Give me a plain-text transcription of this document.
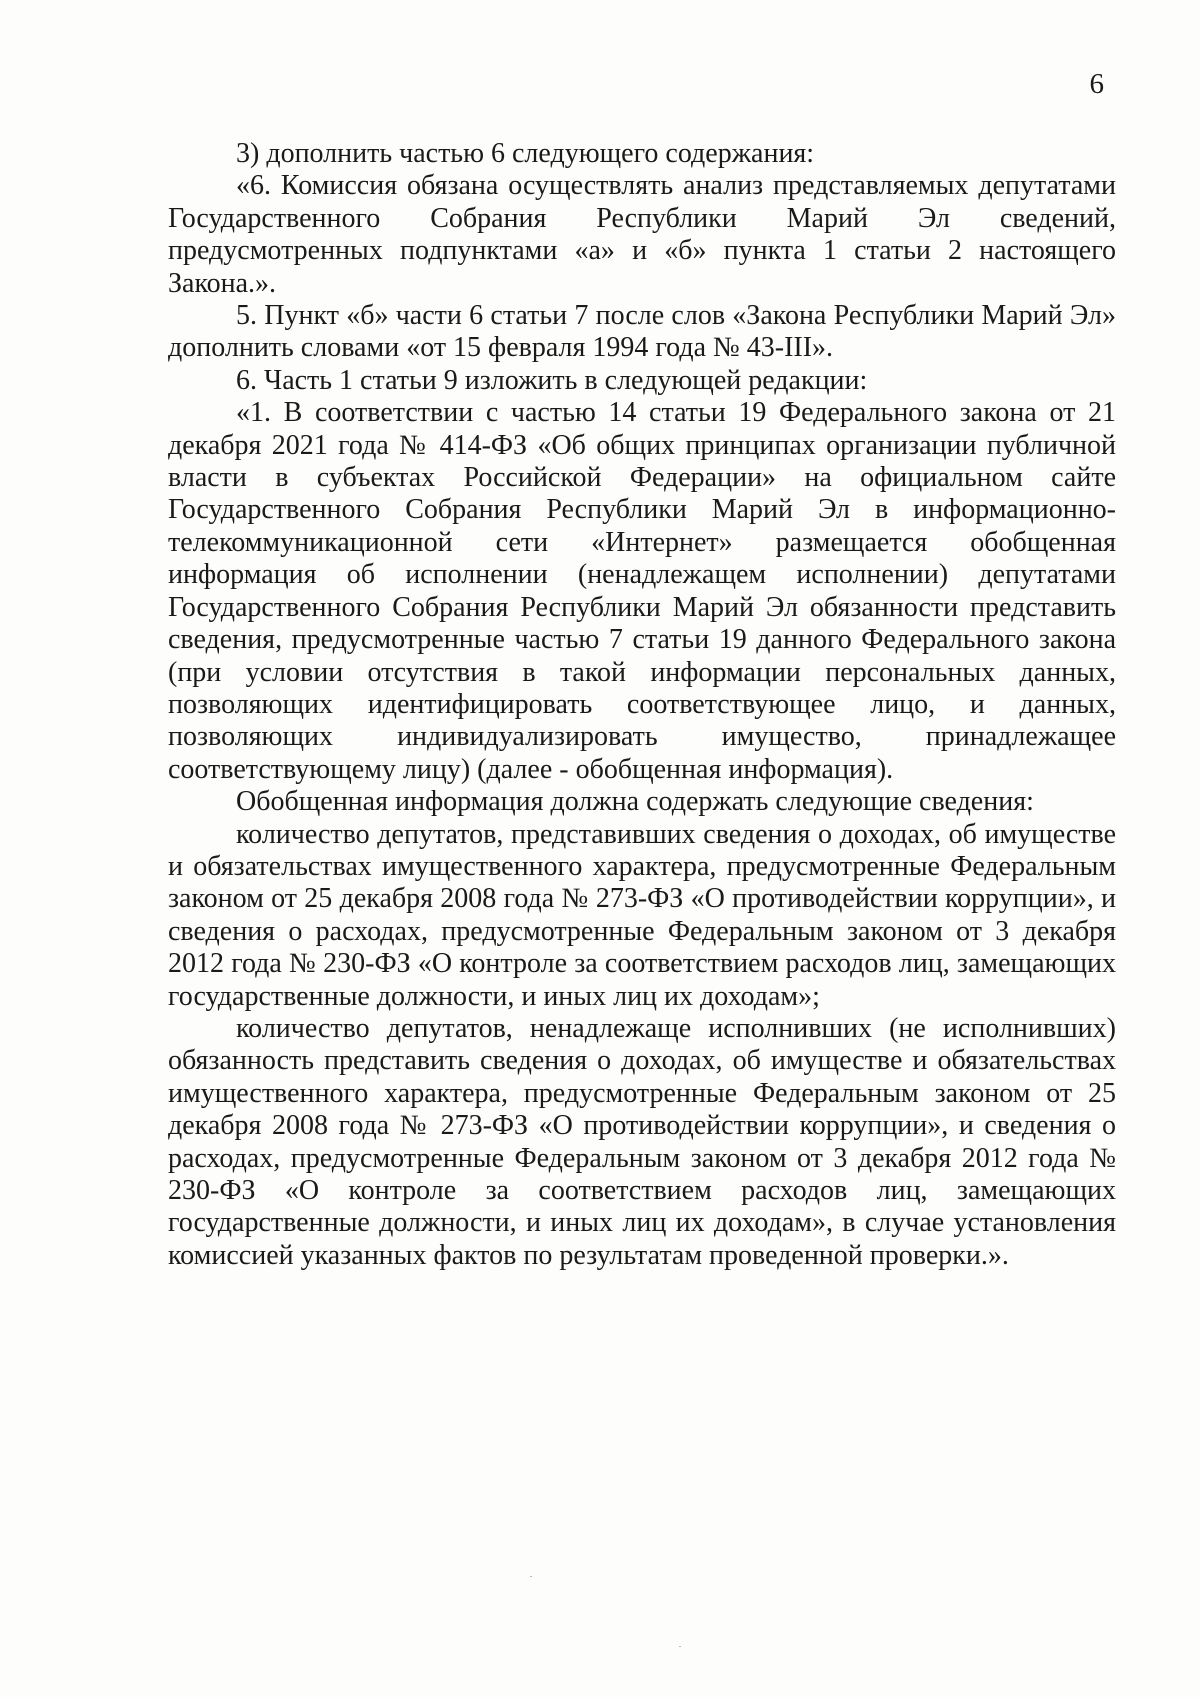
6

3) дополнить частью 6 следующего содержания:

«6. Комиссия обязана осуществлять анализ представляемых депутатами Государственного Собрания Республики Марий Эл сведений, предусмотренных подпунктами «а» и «б» пункта 1 статьи 2 настоящего Закона.».

5. Пункт «б» части 6 статьи 7 после слов «Закона Республики Марий Эл» дополнить словами «от 15 февраля 1994 года № 43-III».

6. Часть 1 статьи 9 изложить в следующей редакции:

«1. В соответствии с частью 14 статьи 19 Федерального закона от 21 декабря 2021 года № 414-ФЗ «Об общих принципах организации публичной власти в субъектах Российской Федерации» на официальном сайте Государственного Собрания Республики Марий Эл в информационно-телекоммуникационной сети «Интернет» размещается обобщенная информация об исполнении (ненадлежащем исполнении) депутатами Государственного Собрания Республики Марий Эл обязанности представить сведения, предусмотренные частью 7 статьи 19 данного Федерального закона (при условии отсутствия в такой информации персональных данных, позволяющих идентифицировать соответствующее лицо, и данных, позволяющих индивидуализировать имущество, принадлежащее соответствующему лицу) (далее - обобщенная информация).

Обобщенная информация должна содержать следующие сведения:

количество депутатов, представивших сведения о доходах, об имуществе и обязательствах имущественного характера, предусмотренные Федеральным законом от 25 декабря 2008 года № 273-ФЗ «О противодействии коррупции», и сведения о расходах, предусмотренные Федеральным законом от 3 декабря 2012 года № 230-ФЗ «О контроле за соответствием расходов лиц, замещающих государственные должности, и иных лиц их доходам»;

количество депутатов, ненадлежаще исполнивших (не исполнивших) обязанность представить сведения о доходах, об имуществе и обязательствах имущественного характера, предусмотренные Федеральным законом от 25 декабря 2008 года № 273-ФЗ «О противодействии коррупции», и сведения о расходах, предусмотренные Федеральным законом от 3 декабря 2012 года № 230-ФЗ «О контроле за соответствием расходов лиц, замещающих государственные должности, и иных лиц их доходам», в случае установления комиссией указанных фактов по результатам проведенной проверки.».
